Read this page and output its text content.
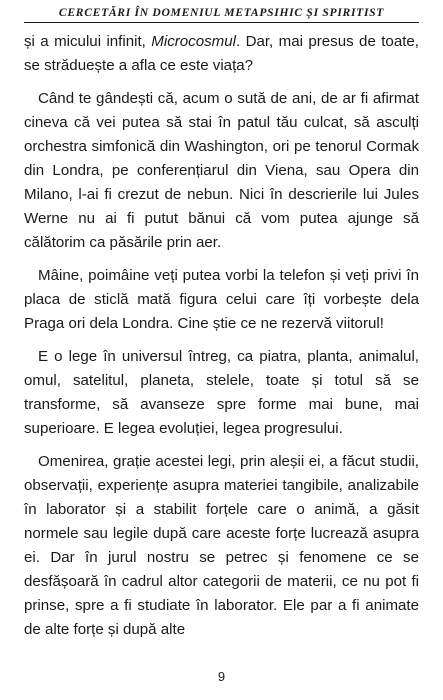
CERCETĂRI ÎN DOMENIUL METAPSIHIC ȘI SPIRITIST

și a micului infinit, Microcosmul. Dar, mai presus de toate, se străduește a afla ce este viața?

Când te gândești că, acum o sută de ani, de ar fi afirmat cineva că vei putea să stai în patul tău culcat, să asculți orchestra simfonică din Washington, ori pe tenorul Cormak din Londra, pe conferențiarul din Viena, sau Opera din Milano, l-ai fi crezut de nebun. Nici în descrierile lui Jules Werne nu ai fi putut bănui că vom putea ajunge să călătorim ca păsările prin aer.

Mâine, poimâine veți putea vorbi la telefon și veți privi în placa de sticlă mată figura celui care îți vorbește dela Praga ori dela Londra. Cine știe ce ne rezervă viitorul!

E o lege în universul întreg, ca piatra, planta, animalul, omul, satelitul, planeta, stelele, toate și totul să se transforme, să avanseze spre forme mai bune, mai superioare. E legea evoluției, legea progresului.

Omenirea, grație acestei legi, prin aleșii ei, a făcut studii, observații, experiențe asupra materiei tangibile, analizabile în laborator și a stabilit forțele care o animă, a găsit normele sau legile după care aceste forțe lucrează asupra ei. Dar în jurul nostru se petrec și fenomene ce se desfășoară în cadrul altor categorii de materii, ce nu pot fi prinse, spre a fi studiate în laborator. Ele par a fi animate de alte forțe și după alte

9
